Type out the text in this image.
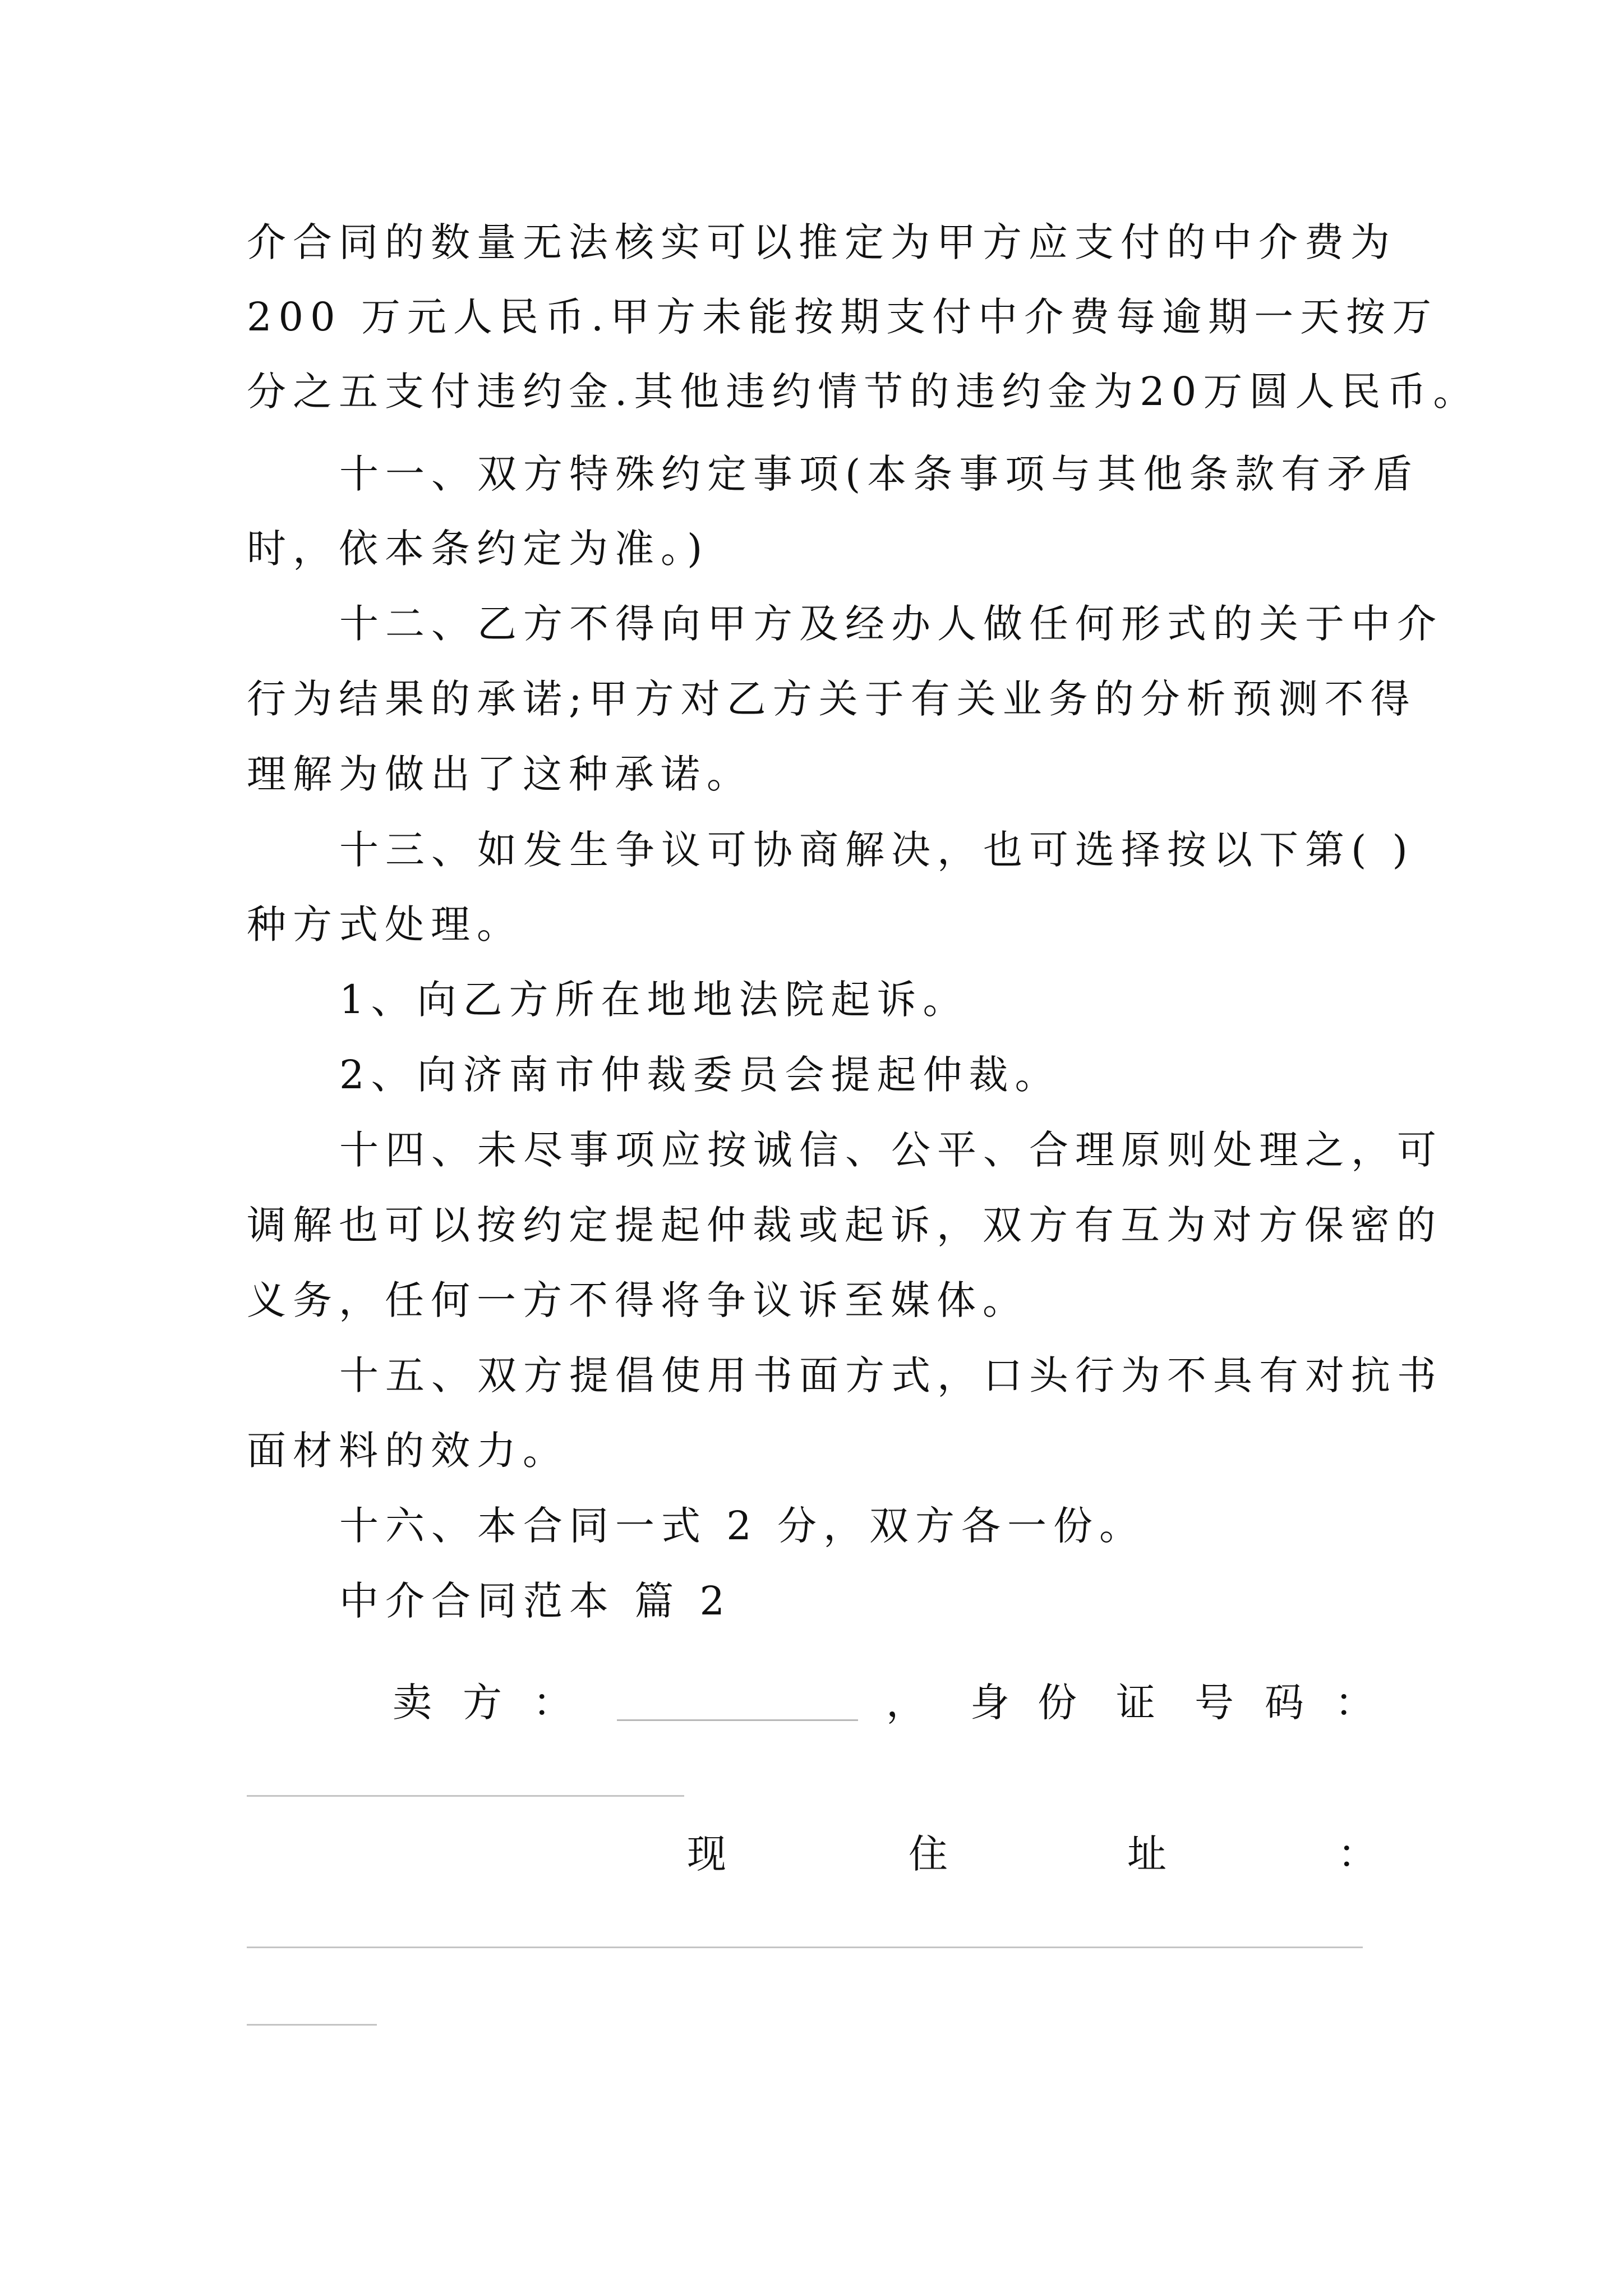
介合同的数量无法核实可以推定为甲方应支付的中介费为
200 万元人民币.甲方未能按期支付中介费每逾期一天按万
分之五支付违约金.其他违约情节的违约金为20万圆人民币。
十一、双方特殊约定事项(本条事项与其他条款有矛盾
时，依本条约定为准。)
十二、乙方不得向甲方及经办人做任何形式的关于中介
行为结果的承诺;甲方对乙方关于有关业务的分析预测不得
理解为做出了这种承诺。
十三、如发生争议可协商解决，也可选择按以下第( )
种方式处理。
1、向乙方所在地地法院起诉。
2、向济南市仲裁委员会提起仲裁。
十四、未尽事项应按诚信、公平、合理原则处理之，可
调解也可以按约定提起仲裁或起诉，双方有互为对方保密的
义务，任何一方不得将争议诉至媒体。
十五、双方提倡使用书面方式，口头行为不具有对抗书
面材料的效力。
十六、本合同一式 2 分，双方各一份。
中介合同范本 篇 2
卖 方 ：	， 身 份 证 号 码 ：
现	住	址	：
